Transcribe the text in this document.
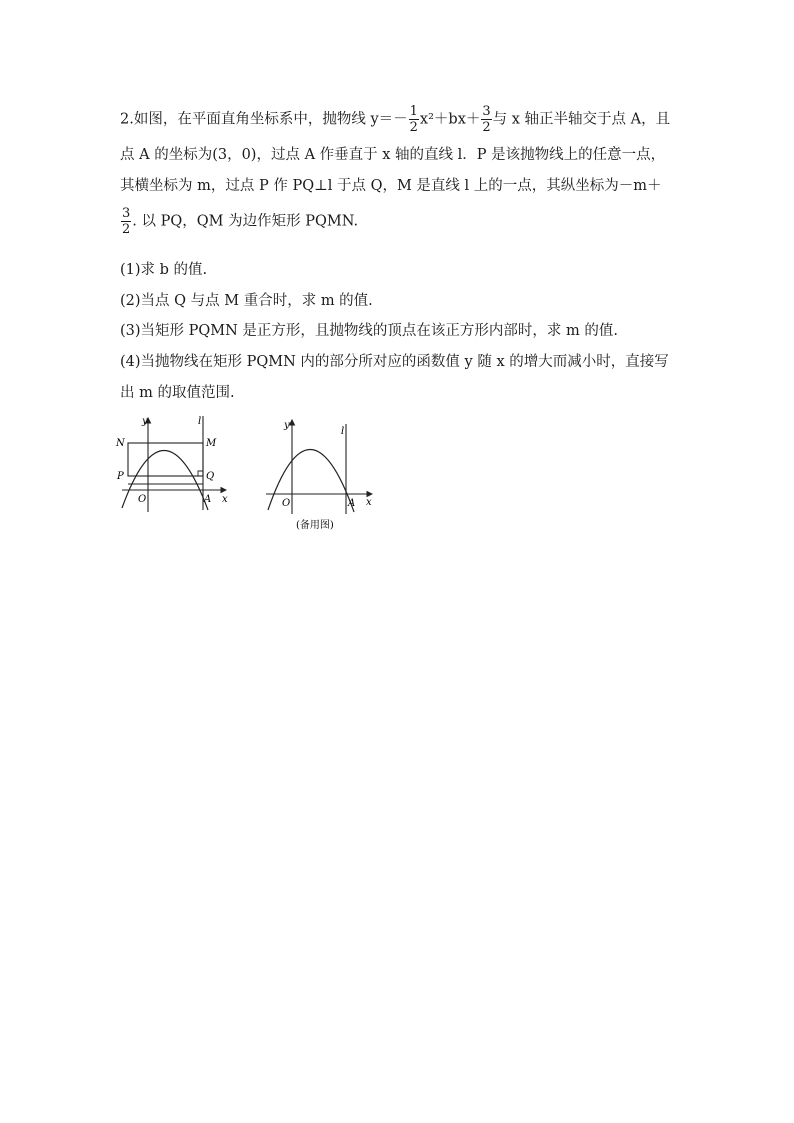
2.如图，在平面直角坐标系中，抛物线 $y=- \frac{1}{2} x^2+bx+ \frac{3}{2}$ 与 x 轴正半轴交于点 A，且
点 A 的坐标为(3，0)，过点 A 作垂直于 x 轴的直线 l．P 是该抛物线上的任意一点，
其横坐标为 m，过点 P 作 PQ⊥l 于点 Q，M 是直线 l 上的一点，其纵坐标为－m＋
$\frac{3}{2}$ . 以 PQ，QM 为边作矩形 PQMN.
(1)求 b 的值.
(2)当点 Q 与点 M 重合时，求 m 的值.
(3)当矩形 PQMN 是正方形，且抛物线的顶点在该正方形内部时，求 m 的值.
(4)当抛物线在矩形 PQMN 内的部分所对应的函数值 y 随 x 的增大而减小时，直接写
出 m 的取值范围.
y	l
N	M
P	Q
O	A x
y
l
O	A x
(备用图)
